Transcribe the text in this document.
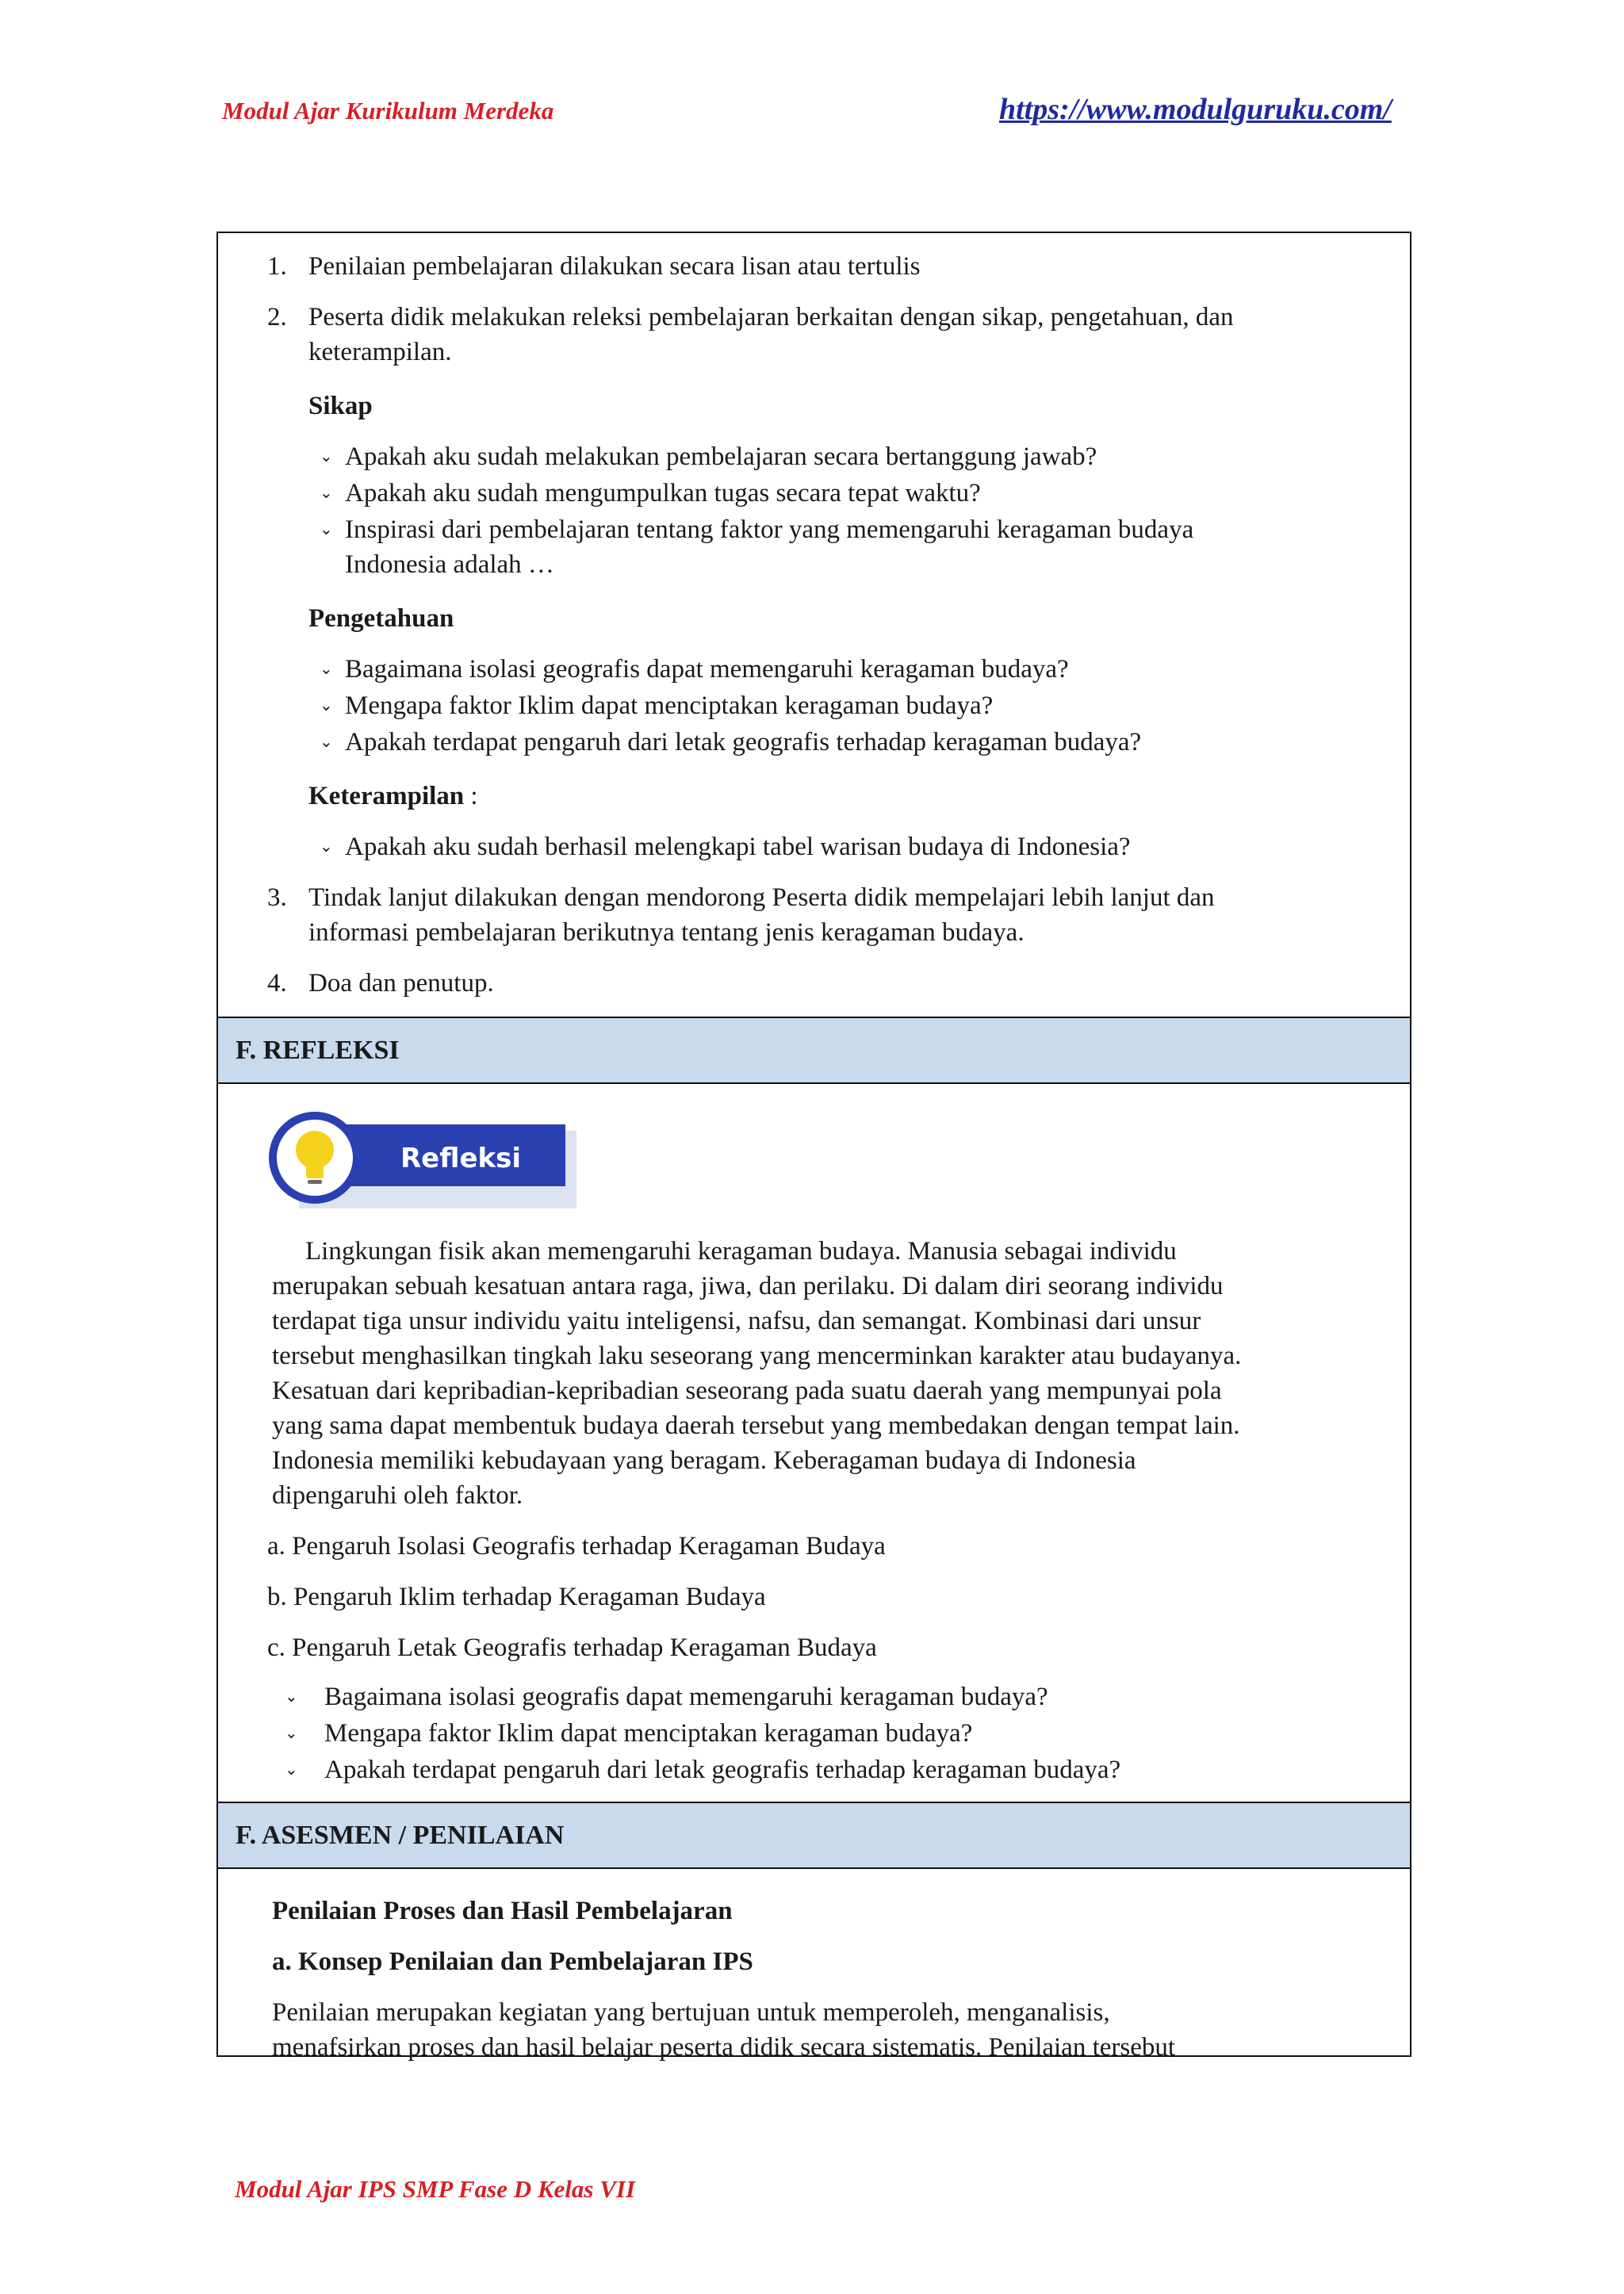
Modul Ajar Kurikulum Merdeka	https://www.modulguruku.com/
1. Penilaian pembelajaran dilakukan secara lisan atau tertulis
2. Peserta didik melakukan releksi pembelajaran berkaitan dengan sikap, pengetahuan, dan
keterampilan.
Sikap
⌄ Apakah aku sudah melakukan pembelajaran secara bertanggung jawab?
⌄ Apakah aku sudah mengumpulkan tugas secara tepat waktu?
⌄ Inspirasi dari pembelajaran tentang faktor yang memengaruhi keragaman budaya
Indonesia adalah …
Pengetahuan
⌄ Bagaimana isolasi geografis dapat memengaruhi keragaman budaya?
⌄ Mengapa faktor Iklim dapat menciptakan keragaman budaya?
⌄ Apakah terdapat pengaruh dari letak geografis terhadap keragaman budaya?
Keterampilan :
⌄ Apakah aku sudah berhasil melengkapi tabel warisan budaya di Indonesia?
3. Tindak lanjut dilakukan dengan mendorong Peserta didik mempelajari lebih lanjut dan
informasi pembelajaran berikutnya tentang jenis keragaman budaya.
4. Doa dan penutup.
F. REFLEKSI
Refleksi
Lingkungan fisik akan memengaruhi keragaman budaya. Manusia sebagai individu
merupakan sebuah kesatuan antara raga, jiwa, dan perilaku. Di dalam diri seorang individu
terdapat tiga unsur individu yaitu inteligensi, nafsu, dan semangat. Kombinasi dari unsur
tersebut menghasilkan tingkah laku seseorang yang mencerminkan karakter atau budayanya.
Kesatuan dari kepribadian-kepribadian seseorang pada suatu daerah yang mempunyai pola
yang sama dapat membentuk budaya daerah tersebut yang membedakan dengan tempat lain.
Indonesia memiliki kebudayaan yang beragam. Keberagaman budaya di Indonesia
dipengaruhi oleh faktor.
a. Pengaruh Isolasi Geografis terhadap Keragaman Budaya
b. Pengaruh Iklim terhadap Keragaman Budaya
c. Pengaruh Letak Geografis terhadap Keragaman Budaya
⌄ Bagaimana isolasi geografis dapat memengaruhi keragaman budaya?
⌄ Mengapa faktor Iklim dapat menciptakan keragaman budaya?
⌄ Apakah terdapat pengaruh dari letak geografis terhadap keragaman budaya?
F. ASESMEN / PENILAIAN
Penilaian Proses dan Hasil Pembelajaran
a. Konsep Penilaian dan Pembelajaran IPS
Penilaian merupakan kegiatan yang bertujuan untuk memperoleh, menganalisis,
menafsirkan proses dan hasil belajar peserta didik secara sistematis. Penilaian tersebut
Modul Ajar IPS SMP Fase D Kelas VII
